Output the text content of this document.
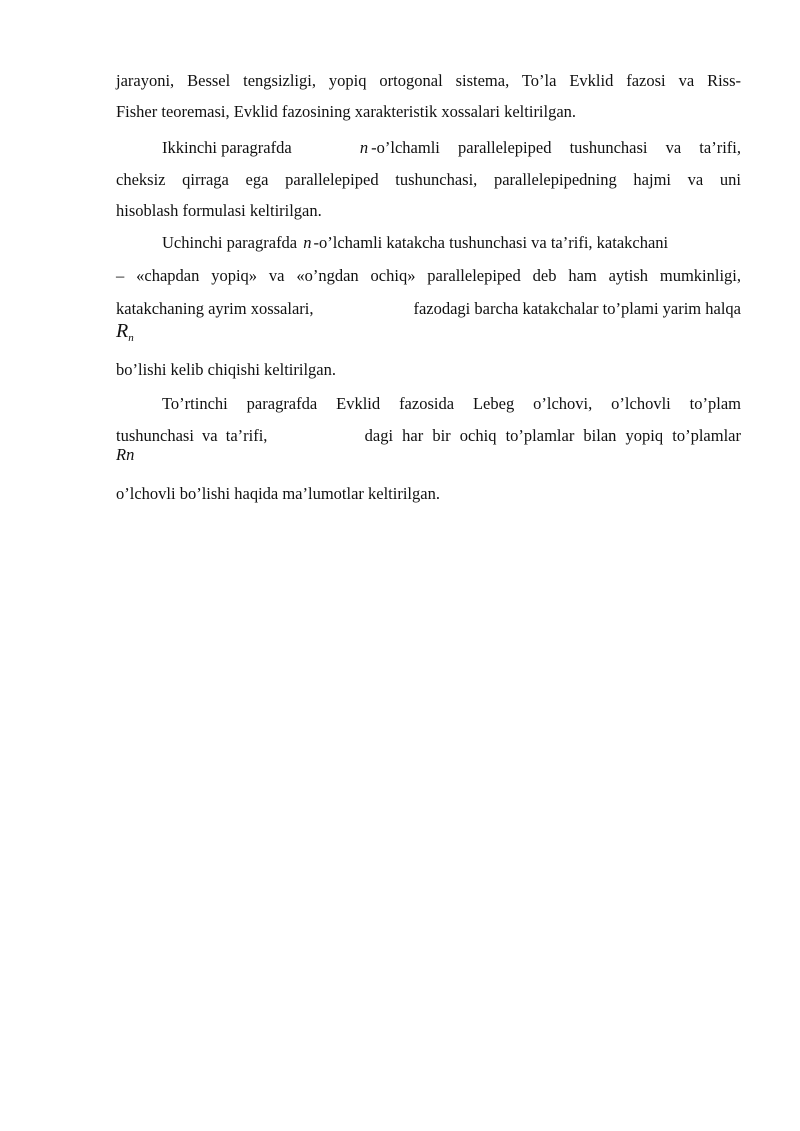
jarayoni, Bessel tengsizligi, yopiq ortogonal sistema, To’la Evklid fazosi va Riss-
Fisher teoremasi, Evklid fazosining xarakteristik xossalari keltirilgan.
Ikkinchi paragrafda	n -o’lchamli parallelepiped tushunchasi va ta’rifi,
cheksiz qirraga ega parallelepiped tushunchasi, parallelepipedning hajmi va uni
hisoblash formulasi keltirilgan.
Uchinchi paragrafda n -o’lchamli katakcha tushunchasi va ta’rifi, katakchani
– «chapdan yopiq» va «o’ngdan ochiq» parallelepiped deb ham aytish mumkinligi,
katakchaning ayrim xossalari,	fazodagi barcha katakchalar to’plami yarim halqa
$R_n$
bo’lishi kelib chiqishi keltirilgan.
To’rtinchi paragrafda Evklid fazosida Lebeg o’lchovi, o’lchovli to’plam
tushunchasi va ta’rifi,	dagi har bir ochiq to’plamlar bilan yopiq to’plamlar
Rn
o’lchovli bo’lishi haqida ma’lumotlar keltirilgan.
